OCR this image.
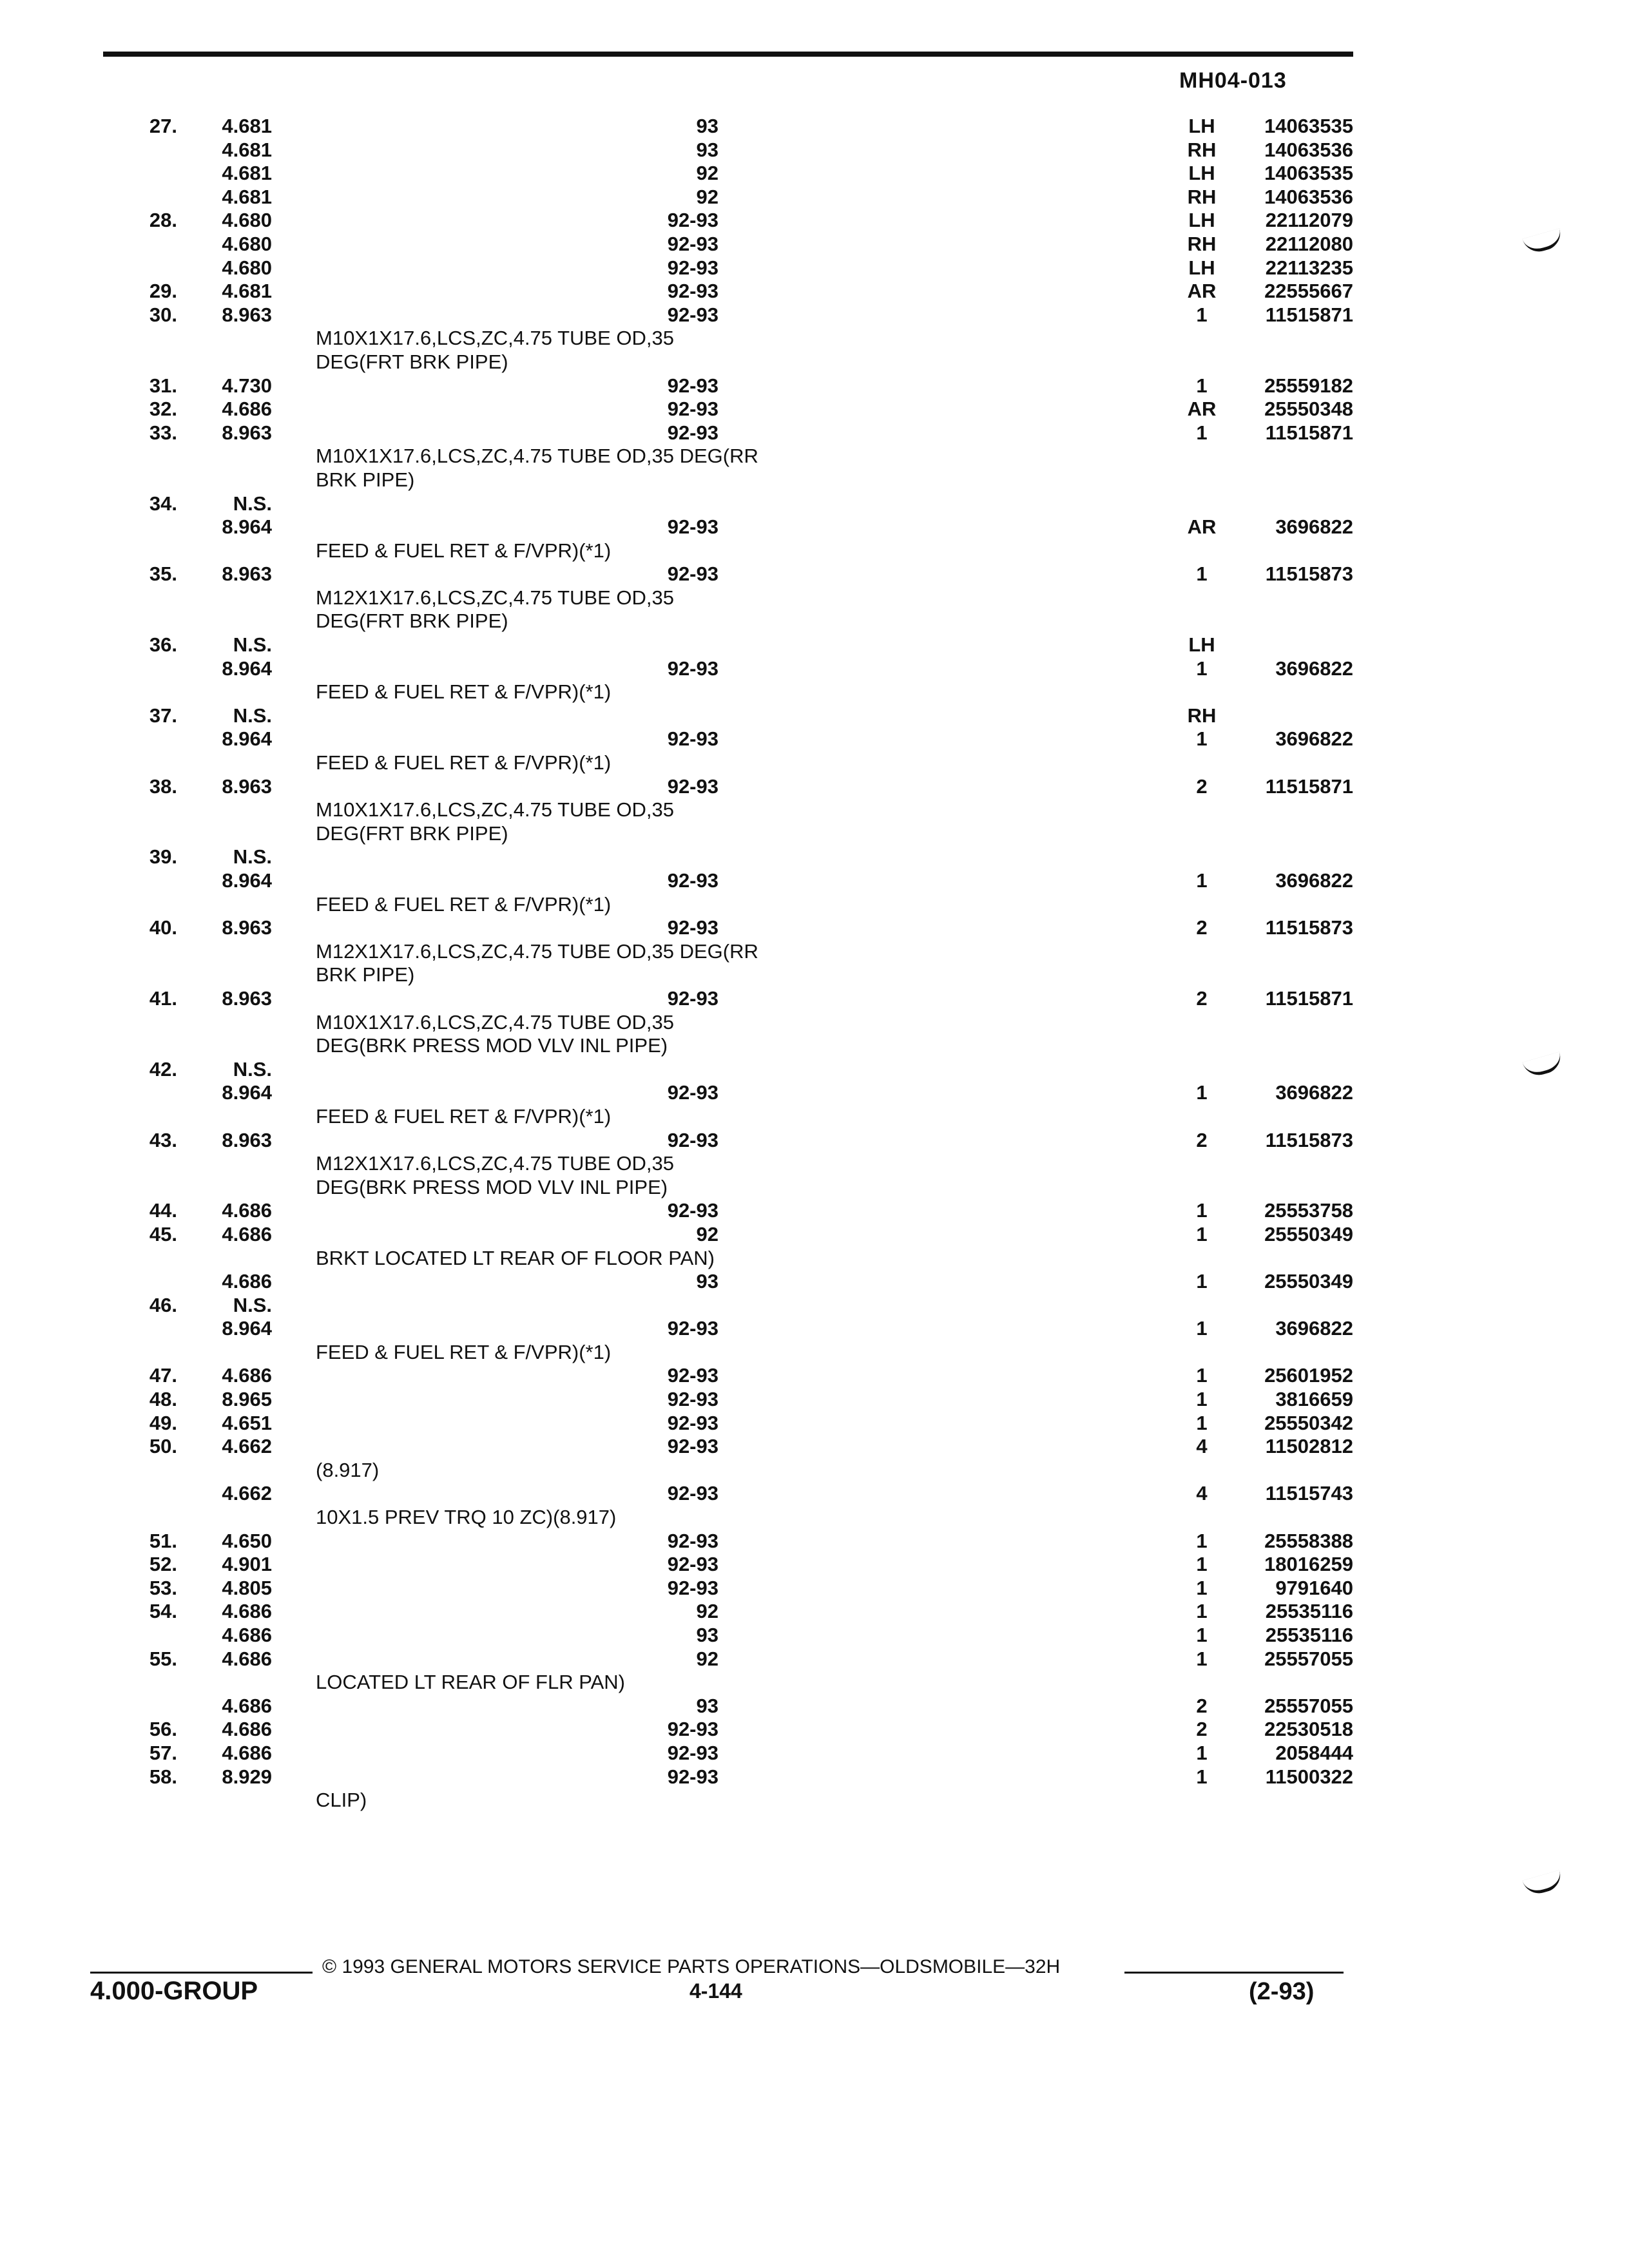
MH04-013
27. 4.681	93	LH 14063535
4.681	93	RH 14063536
4.681	92	LH 14063535
4.681	92	RH 14063536
28. 4.680	92-93	LH	22112079
4.680	92-93	RH 22112080
4.680	92-93	LH	22113235
29. 4.681	92-93	AR 22555667
30. 8.963	92-93	1	11515871
M10X1X17.6,LCS,ZC,4.75 TUBE OD,35
DEG(FRT BRK PIPE)
31. 4.730	92-93	1	25559182
32. 4.686	92-93	AR 25550348
33. 8.963	92-93	1	11515871
M10X1X17.6,LCS,ZC,4.75 TUBE OD,35 DEG(RR
BRK PIPE)
34.	N.S.
8.964	92-93	AR	3696822
FEED & FUEL RET & F/VPR)(*1)
35. 8.963	92-93	1	11515873
M12X1X17.6,LCS,ZC,4.75 TUBE OD,35
DEG(FRT BRK PIPE)
36.	N.S.	LH
8.964	92-93	1	3696822
FEED & FUEL RET & F/VPR)(*1)
37.	N.S.	RH
8.964	92-93	1	3696822
FEED & FUEL RET & F/VPR)(*1)
38. 8.963	92-93	2	11515871
M10X1X17.6,LCS,ZC,4.75 TUBE OD,35
DEG(FRT BRK PIPE)
39.	N.S.
8.964	92-93	1	3696822
FEED & FUEL RET & F/VPR)(*1)
40. 8.963	92-93	2	11515873
M12X1X17.6,LCS,ZC,4.75 TUBE OD,35 DEG(RR
BRK PIPE)
41. 8.963	92-93	2	11515871
M10X1X17.6,LCS,ZC,4.75 TUBE OD,35
DEG(BRK PRESS MOD VLV INL PIPE)
42.	N.S.
8.964	92-93	1	3696822
FEED & FUEL RET & F/VPR)(*1)
43. 8.963	92-93	2	11515873
M12X1X17.6,LCS,ZC,4.75 TUBE OD,35
DEG(BRK PRESS MOD VLV INL PIPE)
44. 4.686	92-93	1	25553758
45. 4.686	92	1	25550349
BRKT LOCATED LT REAR OF FLOOR PAN)
4.686	93	1	25550349
46.	N.S.
8.964	92-93	1	3696822
FEED & FUEL RET & F/VPR)(*1)
47. 4.686	92-93	1	25601952
48. 8.965	92-93	1	3816659
49. 4.651	92-93	1	25550342
50. 4.662	92-93	4	11502812
(8.917)
4.662	92-93	4	11515743
10X1.5 PREV TRQ 10 ZC)(8.917)
51. 4.650	92-93	1	25558388
52. 4.901	92-93	1	18016259
53. 4.805	92-93	1	9791640
54. 4.686	92	1	25535116
4.686	93	1	25535116
55. 4.686	92	1	25557055
LOCATED LT REAR OF FLR PAN)
4.686	93	2	25557055
56. 4.686	92-93	2	22530518
57. 4.686	92-93	1	2058444
58. 8.929	92-93	1	11500322
CLIP)
© 1993 GENERAL MOTORS SERVICE PARTS OPERATIONS—OLDSMOBILE—32H
4.000-GROUP	4-144	(2-93)
